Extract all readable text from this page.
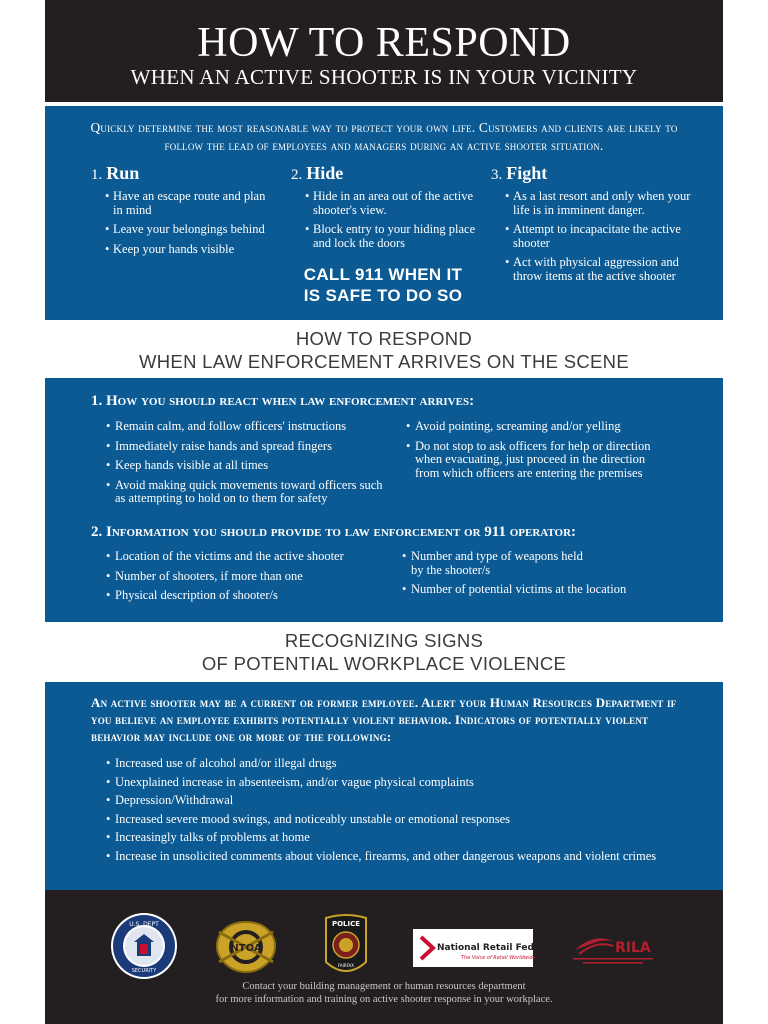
HOW TO RESPOND
WHEN AN ACTIVE SHOOTER IS IN YOUR VICINITY
Quickly determine the most reasonable way to protect your own life. Customers and clients are likely to follow the lead of employees and managers during an active shooter situation.
1. Run
• Have an escape route and plan in mind
• Leave your belongings behind
• Keep your hands visible
2. Hide
• Hide in an area out of the active shooter's view.
• Block entry to your hiding place and lock the doors
3. Fight
• As a last resort and only when your life is in imminent danger.
• Attempt to incapacitate the active shooter
• Act with physical aggression and throw items at the active shooter
CALL 911 WHEN IT
IS SAFE TO DO SO
HOW TO RESPOND
WHEN LAW ENFORCEMENT ARRIVES ON THE SCENE
1. How you should react when law enforcement arrives:
• Remain calm, and follow officers' instructions
• Immediately raise hands and spread fingers
• Keep hands visible at all times
• Avoid making quick movements toward officers such as attempting to hold on to them for safety
• Avoid pointing, screaming and/or yelling
• Do not stop to ask officers for help or direction when evacuating, just proceed in the direction from which officers are entering the premises
2. Information you should provide to law enforcement or 911 operator:
• Location of the victims and the active shooter
• Number of shooters, if more than one
• Physical description of shooter/s
• Number and type of weapons held by the shooter/s
• Number of potential victims at the location
RECOGNIZING SIGNS
OF POTENTIAL WORKPLACE VIOLENCE
An active shooter may be a current or former employee. Alert your Human Resources Department if you believe an employee exhibits potentially violent behavior. Indicators of potentially violent behavior may include one or more of the following:
• Increased use of alcohol and/or illegal drugs
• Unexplained increase in absenteeism, and/or vague physical complaints
• Depression/Withdrawal
• Increased severe mood swings, and noticeably unstable or emotional responses
• Increasingly talks of problems at home
• Increase in unsolicited comments about violence, firearms, and other dangerous weapons and violent crimes
U.S. DEPT
SECURITY
NTOA
POLICE
FAIRFAX
National Retail Federation
The Voice of Retail Worldwide
RILA
Contact your building management or human resources department
for more information and training on active shooter response in your workplace.
